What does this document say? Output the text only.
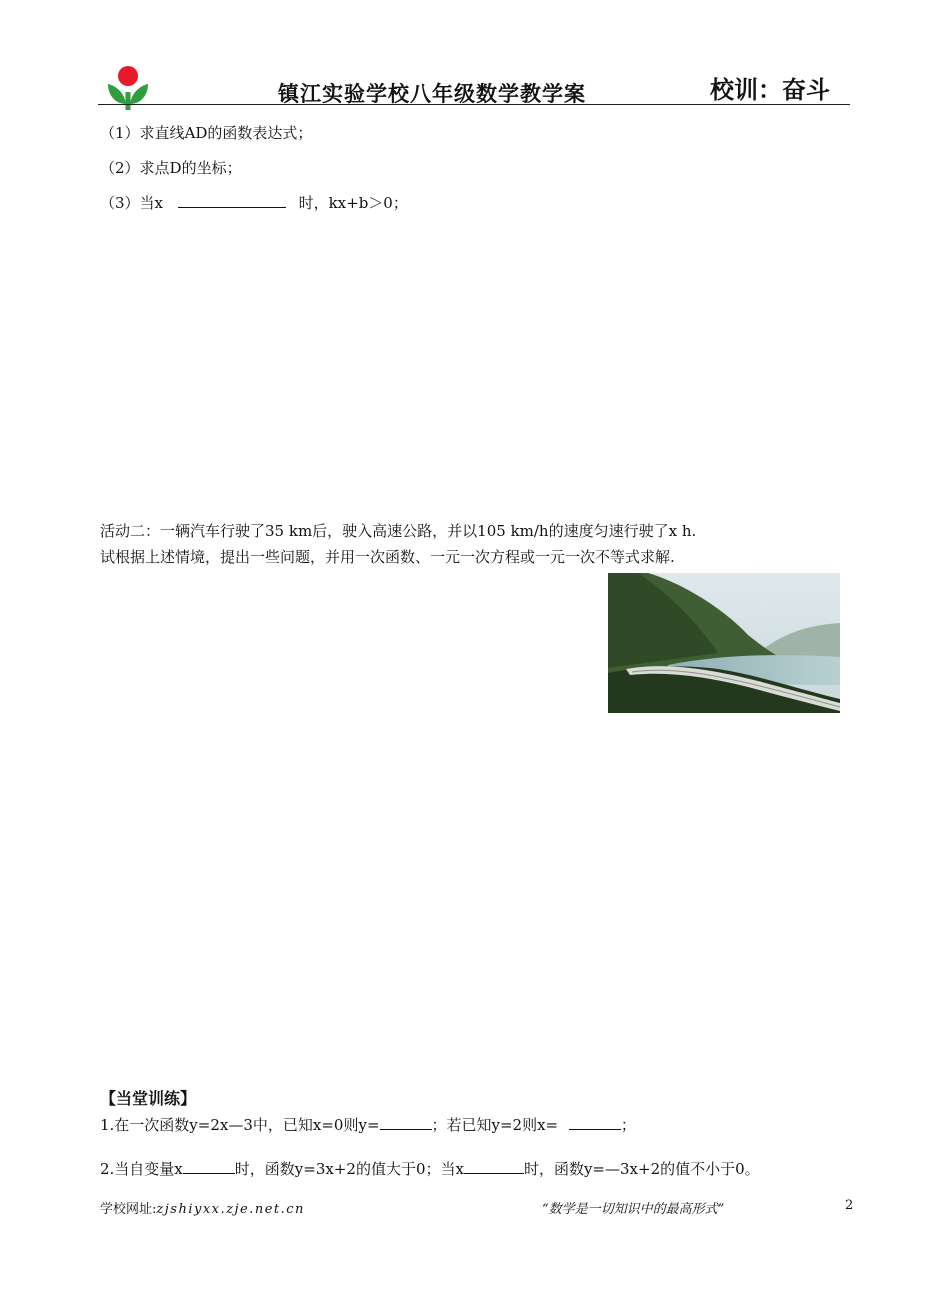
镇江实验学校八年级数学教学案	校训：奋斗
（1）求直线AD的函数表达式；
（2）求点D的坐标；
（3）当x	时，kx+b＞0；
活动二：一辆汽车行驶了35 km后，驶入高速公路，并以105 km/h的速度匀速行驶了x h.
试根据上述情境，提出一些问题，并用一次函数、一元一次方程或一元一次不等式求解.
【当堂训练】
1.在一次函数y=2x—3中，已知x=0则y=	；若已知y=2则x=	；
2.当自变量x	时，函数y=3x+2的值大于0；当x	时，函数y=—3x+2的值不小于0。
学校网址:zjshiyxx.zje.net.cn	“数学是一切知识中的最高形式”	2
